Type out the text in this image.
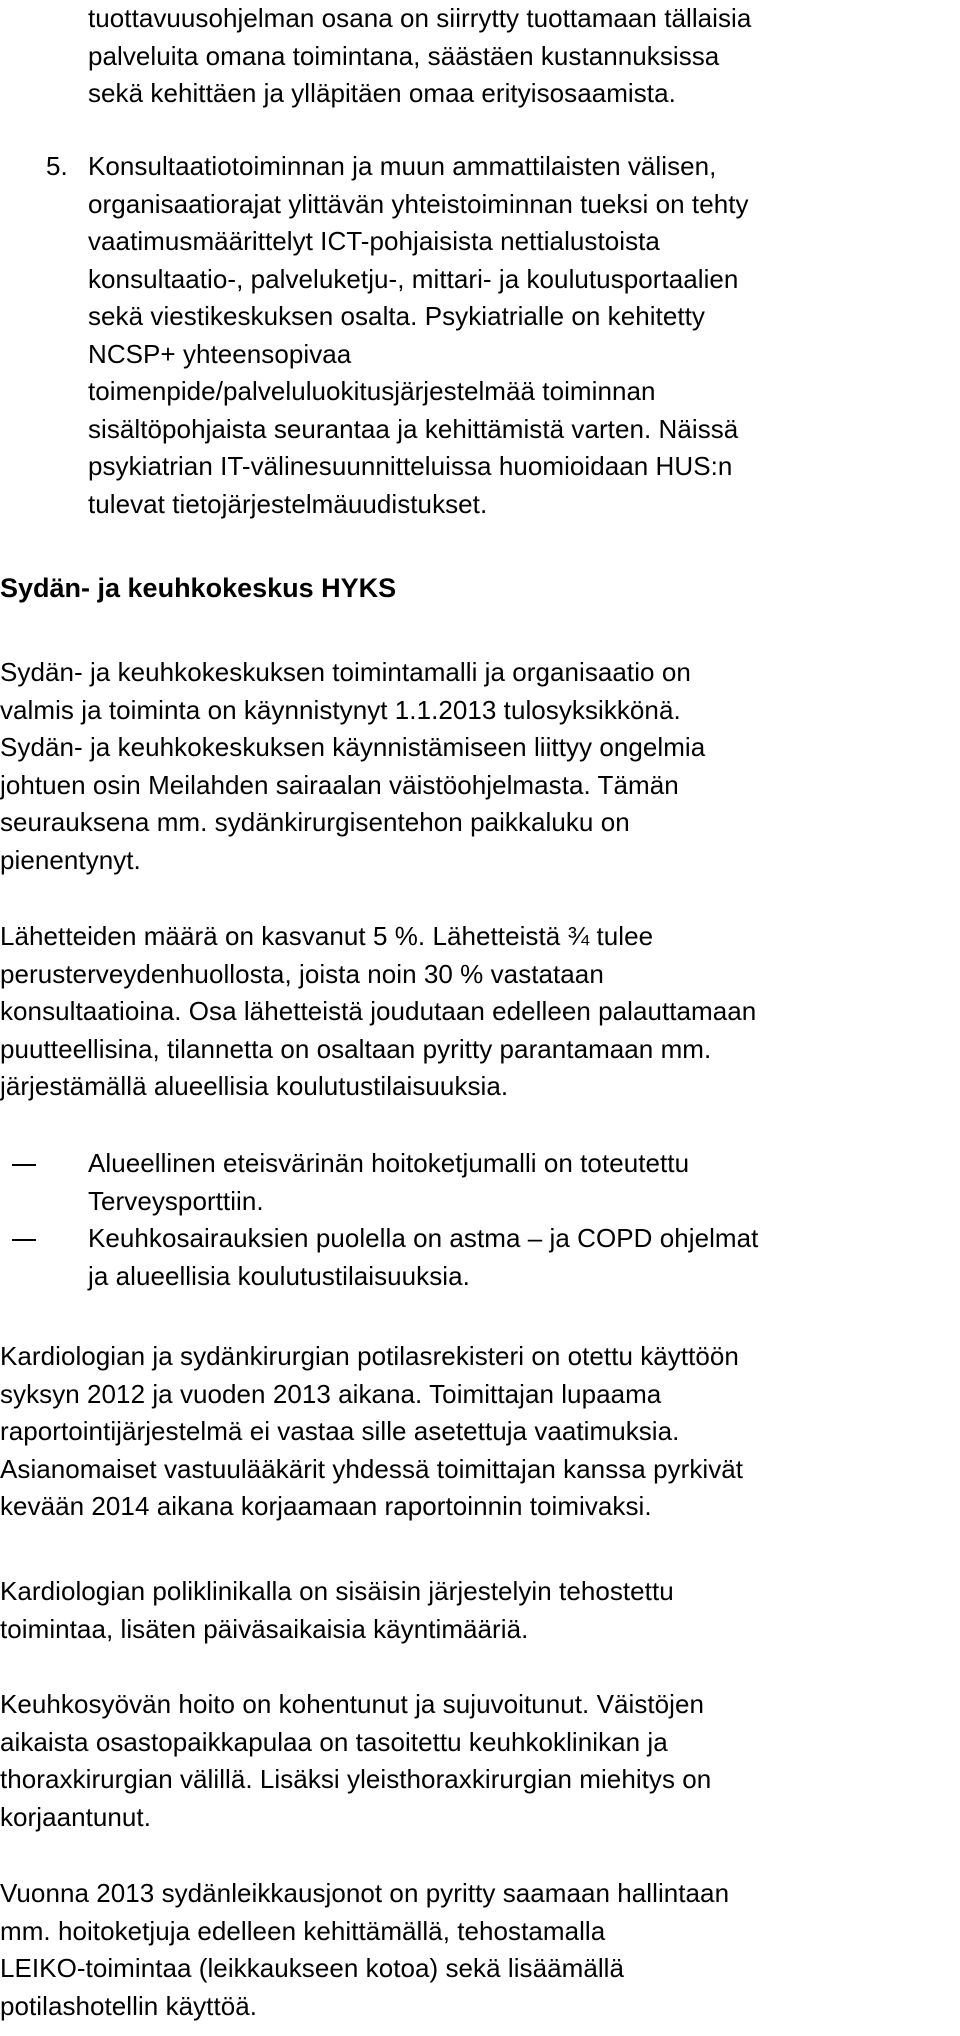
tuottavuusohjelman osana on siirrytty tuottamaan tällaisia
palveluita omana toimintana, säästäen kustannuksissa
sekä kehittäen ja ylläpitäen omaa erityisosaamista.
5. Konsultaatiotoiminnan ja muun ammattilaisten välisen,
organisaatiorajat ylittävän yhteistoiminnan tueksi on tehty
vaatimusmäärittelyt ICT-pohjaisista nettialustoista
konsultaatio-, palveluketju-, mittari- ja koulutusportaalien
sekä viestikeskuksen osalta. Psykiatrialle on kehitetty
NCSP+ yhteensopivaa
toimenpide/palveluluokitusjärjestelmää toiminnan
sisältöpohjaista seurantaa ja kehittämistä varten. Näissä
psykiatrian IT-välinesuunnitteluissa huomioidaan HUS:n
tulevat tietojärjestelmäuudistukset.
Sydän- ja keuhkokeskus HYKS
Sydän- ja keuhkokeskuksen toimintamalli ja organisaatio on
valmis ja toiminta on käynnistynyt 1.1.2013 tulosyksikkönä.
Sydän- ja keuhkokeskuksen käynnistämiseen liittyy ongelmia
johtuen osin Meilahden sairaalan väistöohjelmasta. Tämän
seurauksena mm. sydänkirurgisentehon paikkaluku on
pienentynyt.
Lähetteiden määrä on kasvanut 5 %. Lähetteistä ¾ tulee
perusterveydenhuollosta, joista noin 30 % vastataan
konsultaatioina. Osa lähetteistä joudutaan edelleen palauttamaan
puutteellisina, tilannetta on osaltaan pyritty parantamaan mm.
järjestämällä alueellisia koulutustilaisuuksia.
Alueellinen eteisvärinän hoitoketjumalli on toteutettu
Terveysporttiin.
Keuhkosairauksien puolella on astma – ja COPD ohjelmat
ja alueellisia koulutustilaisuuksia.
Kardiologian ja sydänkirurgian potilasrekisteri on otettu käyttöön
syksyn 2012 ja vuoden 2013 aikana. Toimittajan lupaama
raportointijärjestelmä ei vastaa sille asetettuja vaatimuksia.
Asianomaiset vastuulääkärit yhdessä toimittajan kanssa pyrkivät
kevään 2014 aikana korjaamaan raportoinnin toimivaksi.
Kardiologian poliklinikalla on sisäisin järjestelyin tehostettu
toimintaa, lisäten päiväsaikaisia käyntimääriä.
Keuhkosyövän hoito on kohentunut ja sujuvoitunut. Väistöjen
aikaista osastopaikkapulaa on tasoitettu keuhkoklinikan ja
thoraxkirurgian välillä. Lisäksi yleisthoraxkirurgian miehitys on
korjaantunut.
Vuonna 2013 sydänleikkausjonot on pyritty saamaan hallintaan
mm. hoitoketjuja edelleen kehittämällä, tehostamalla
LEIKO-toimintaa (leikkaukseen kotoa) sekä lisäämällä
potilashotellin käyttöä.
